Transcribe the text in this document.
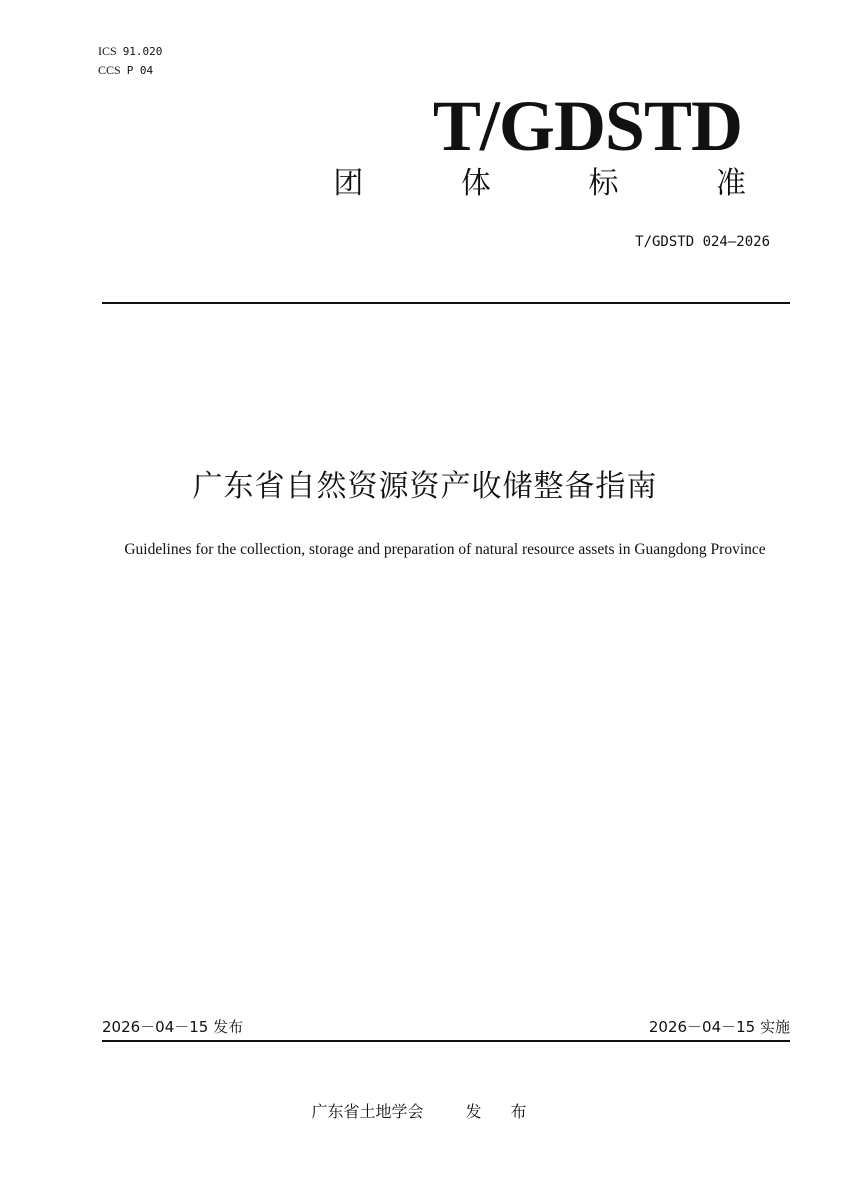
ICS 91.020
CCS P 04
T/GDSTD
团 体 标 准
T/GDSTD 024—2026
广东省自然资源资产收储整备指南
Guidelines for the collection, storage and preparation of natural resource assets in Guangdong Province
2026－04－15 发布	2026－04－15 实施
广东省土地学会	发 布
